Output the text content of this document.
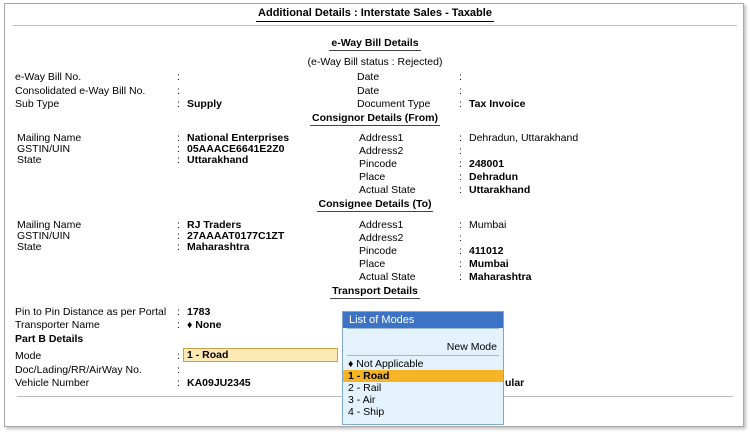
Additional Details : Interstate Sales - Taxable
e-Way Bill Details
(e-Way Bill status : Rejected)
e-Way Bill No.	:	Date	:
Consolidated e-Way Bill No.	:	Date	:
Sub Type	: Supply	Document Type	: Tax Invoice
Consignor Details (From)
Mailing Name	: National Enterprises
GSTIN/UIN	: 05AAACE6641E2Z0
State	: Uttarakhand
Address1	: Dehradun, Uttarakhand
Address2	:
Pincode	: 248001
Place	: Dehradun
Actual State	: Uttarakhand
Consignee Details (To)
Mailing Name	: RJ Traders
GSTIN/UIN	: 27AAAAT0177C1ZT
State	: Maharashtra
Address1	: Mumbai
Address2	:
Pincode	: 411012
Place	: Mumbai
Actual State	: Maharashtra
Transport Details
Pin to Pin Distance as per Portal : 1783
Transporter Name	: ♦ None
Part B Details
Mode	: 1 - Road
Doc/Lading/RR/AirWay No.	:
Vehicle Number	: KA09JU2345	ular
List of Modes
New Mode
♦ Not Applicable
1 - Road
2 - Rail
3 - Air
4 - Ship
